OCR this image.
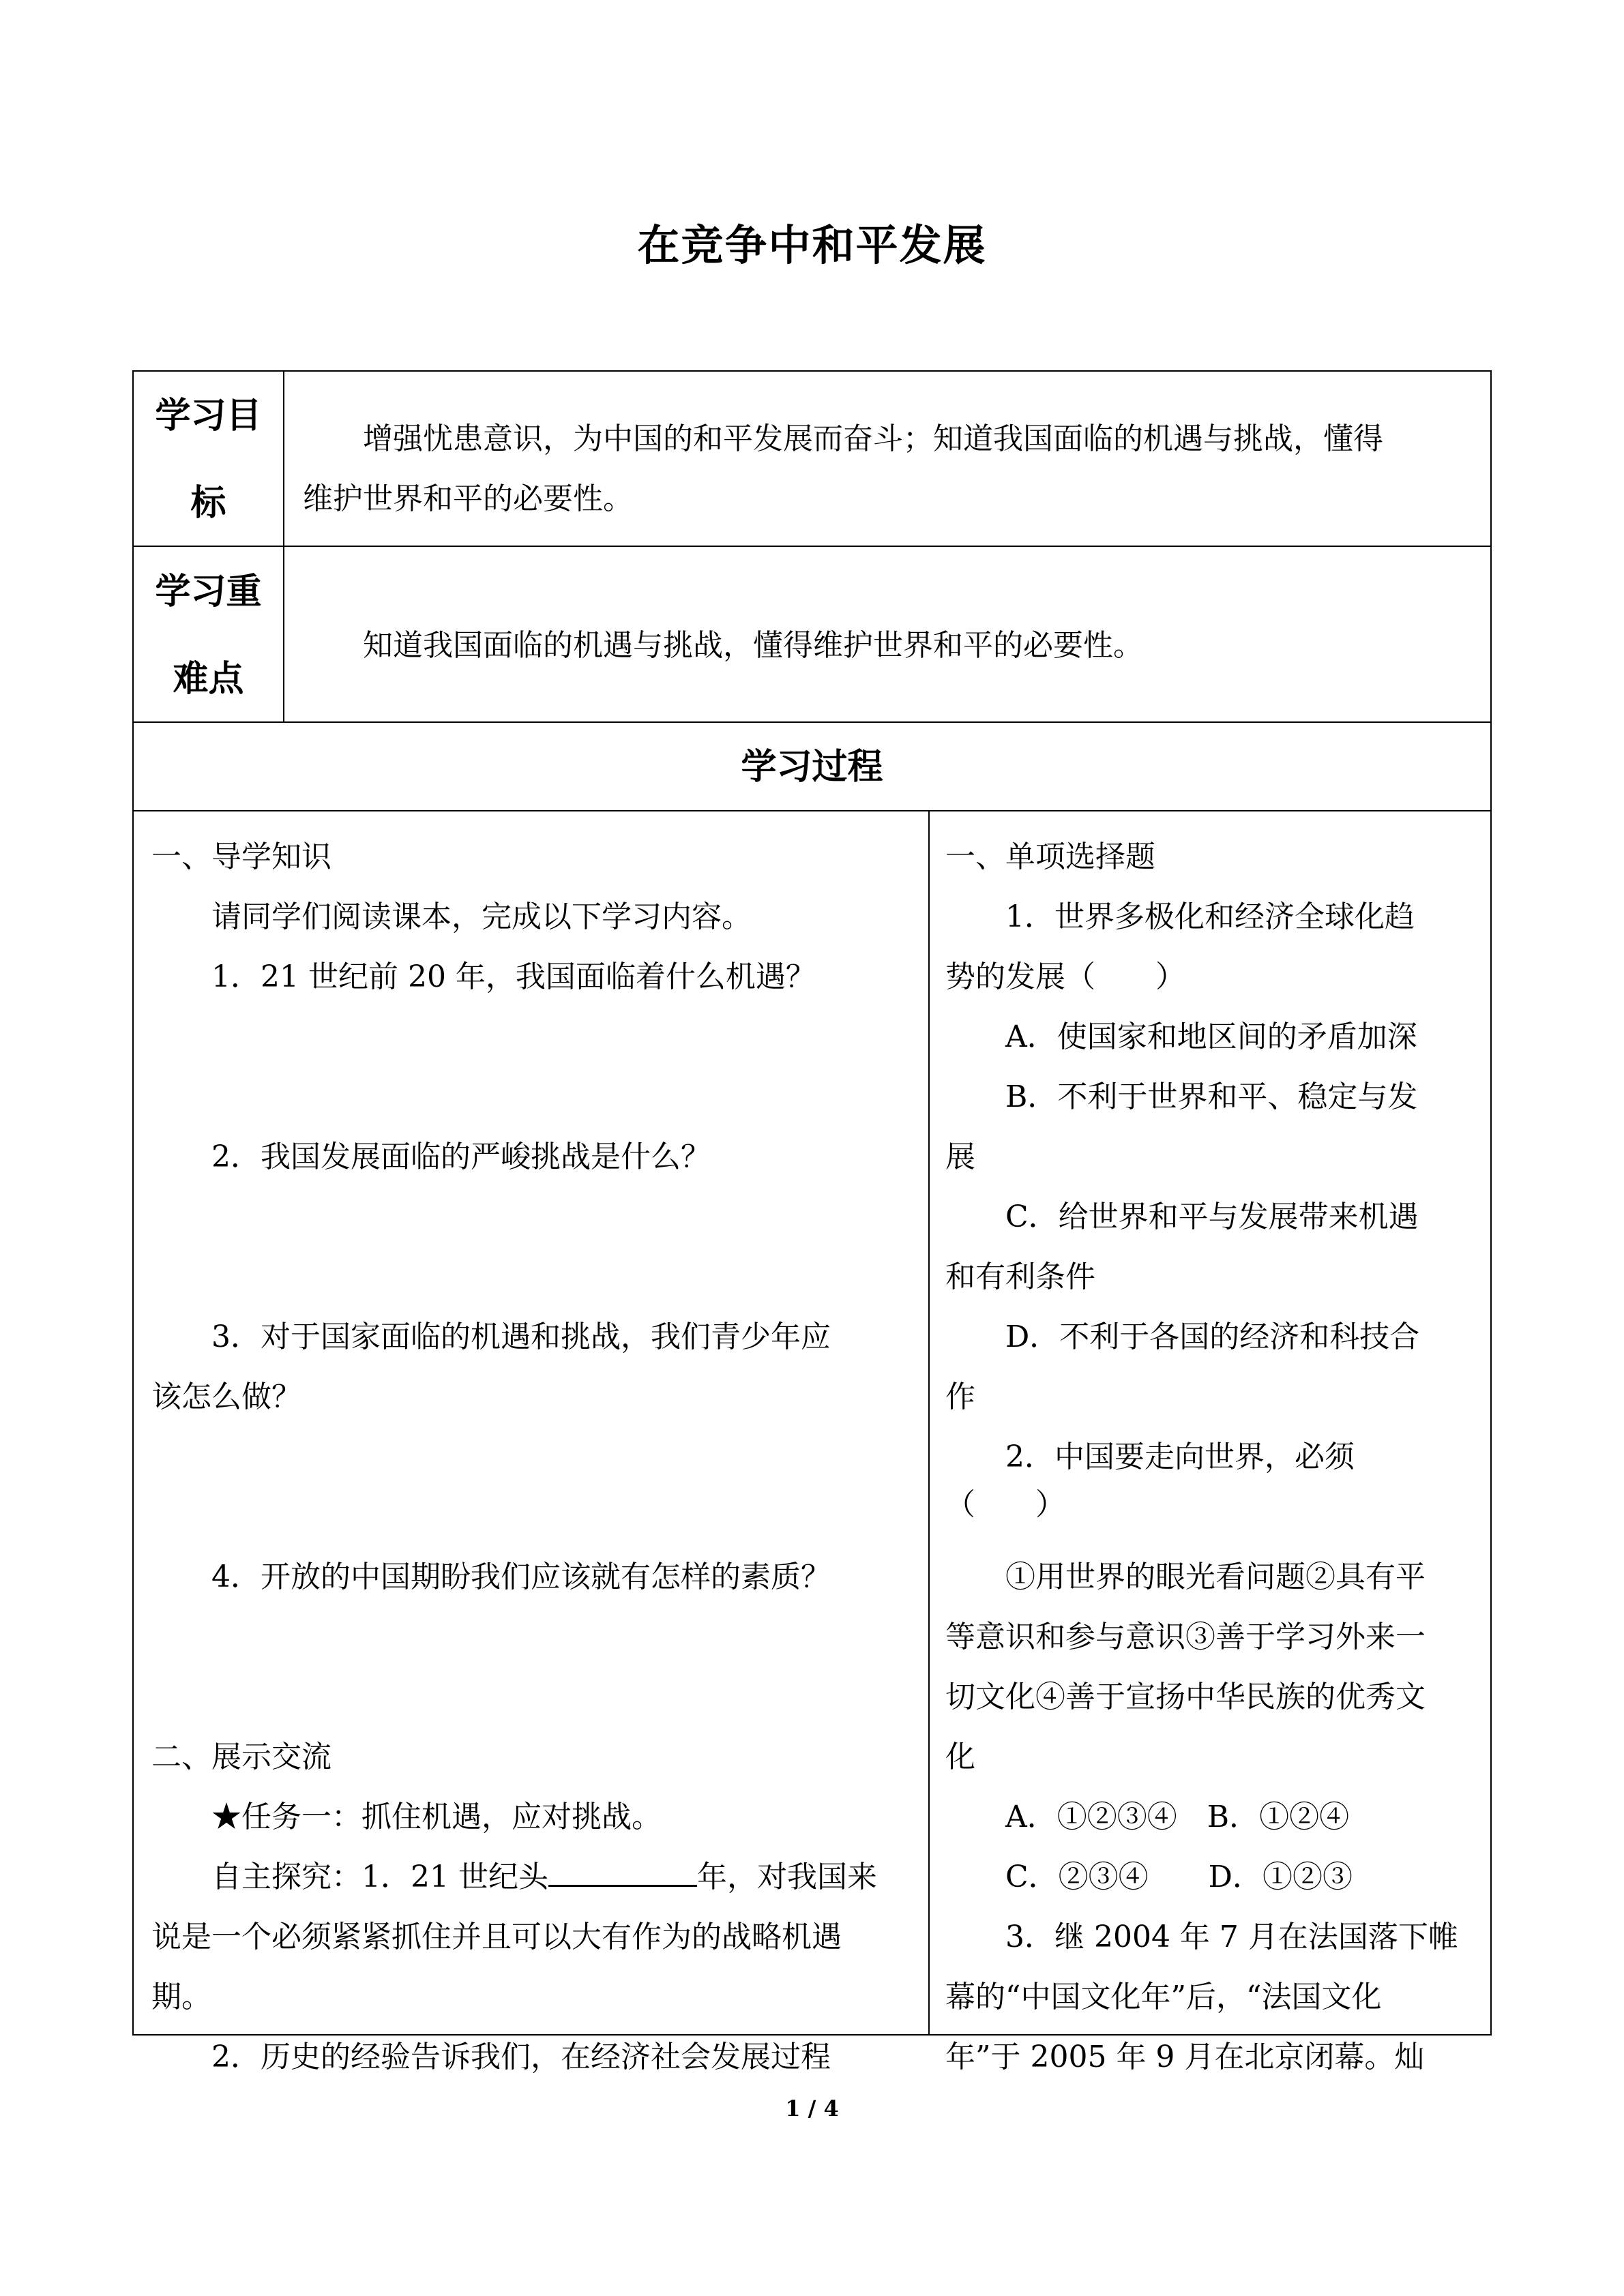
在竞争中和平发展
学习目
标
增强忧患意识，为中国的和平发展而奋斗；知道我国面临的机遇与挑战，懂得
维护世界和平的必要性。
学习重
难点
知道我国面临的机遇与挑战，懂得维护世界和平的必要性。
学习过程
一、导学知识
请同学们阅读课本，完成以下学习内容。
1．21 世纪前 20 年，我国面临着什么机遇？
2．我国发展面临的严峻挑战是什么？
3．对于国家面临的机遇和挑战，我们青少年应
该怎么做？
4．开放的中国期盼我们应该就有怎样的素质？
二、展示交流
★任务一：抓住机遇，应对挑战。
自主探究：1．21 世纪头	年，对我国来
说是一个必须紧紧抓住并且可以大有作为的战略机遇
期。
2．历史的经验告诉我们，在经济社会发展过程
一、单项选择题
1．世界多极化和经济全球化趋
势的发展（　　）
A．使国家和地区间的矛盾加深
B．不利于世界和平、稳定与发
展
C．给世界和平与发展带来机遇
和有利条件
D．不利于各国的经济和科技合
作
2．中国要走向世界，必须
（　　）
①用世界的眼光看问题②具有平
等意识和参与意识③善于学习外来一
切文化④善于宣扬中华民族的优秀文
化
A．①②③④　B．①②④
C．②③④　　D．①②③
3．继 2004 年 7 月在法国落下帷
幕的“中国文化年”后，“法国文化
年”于 2005 年 9 月在北京闭幕。灿
1 / 4
